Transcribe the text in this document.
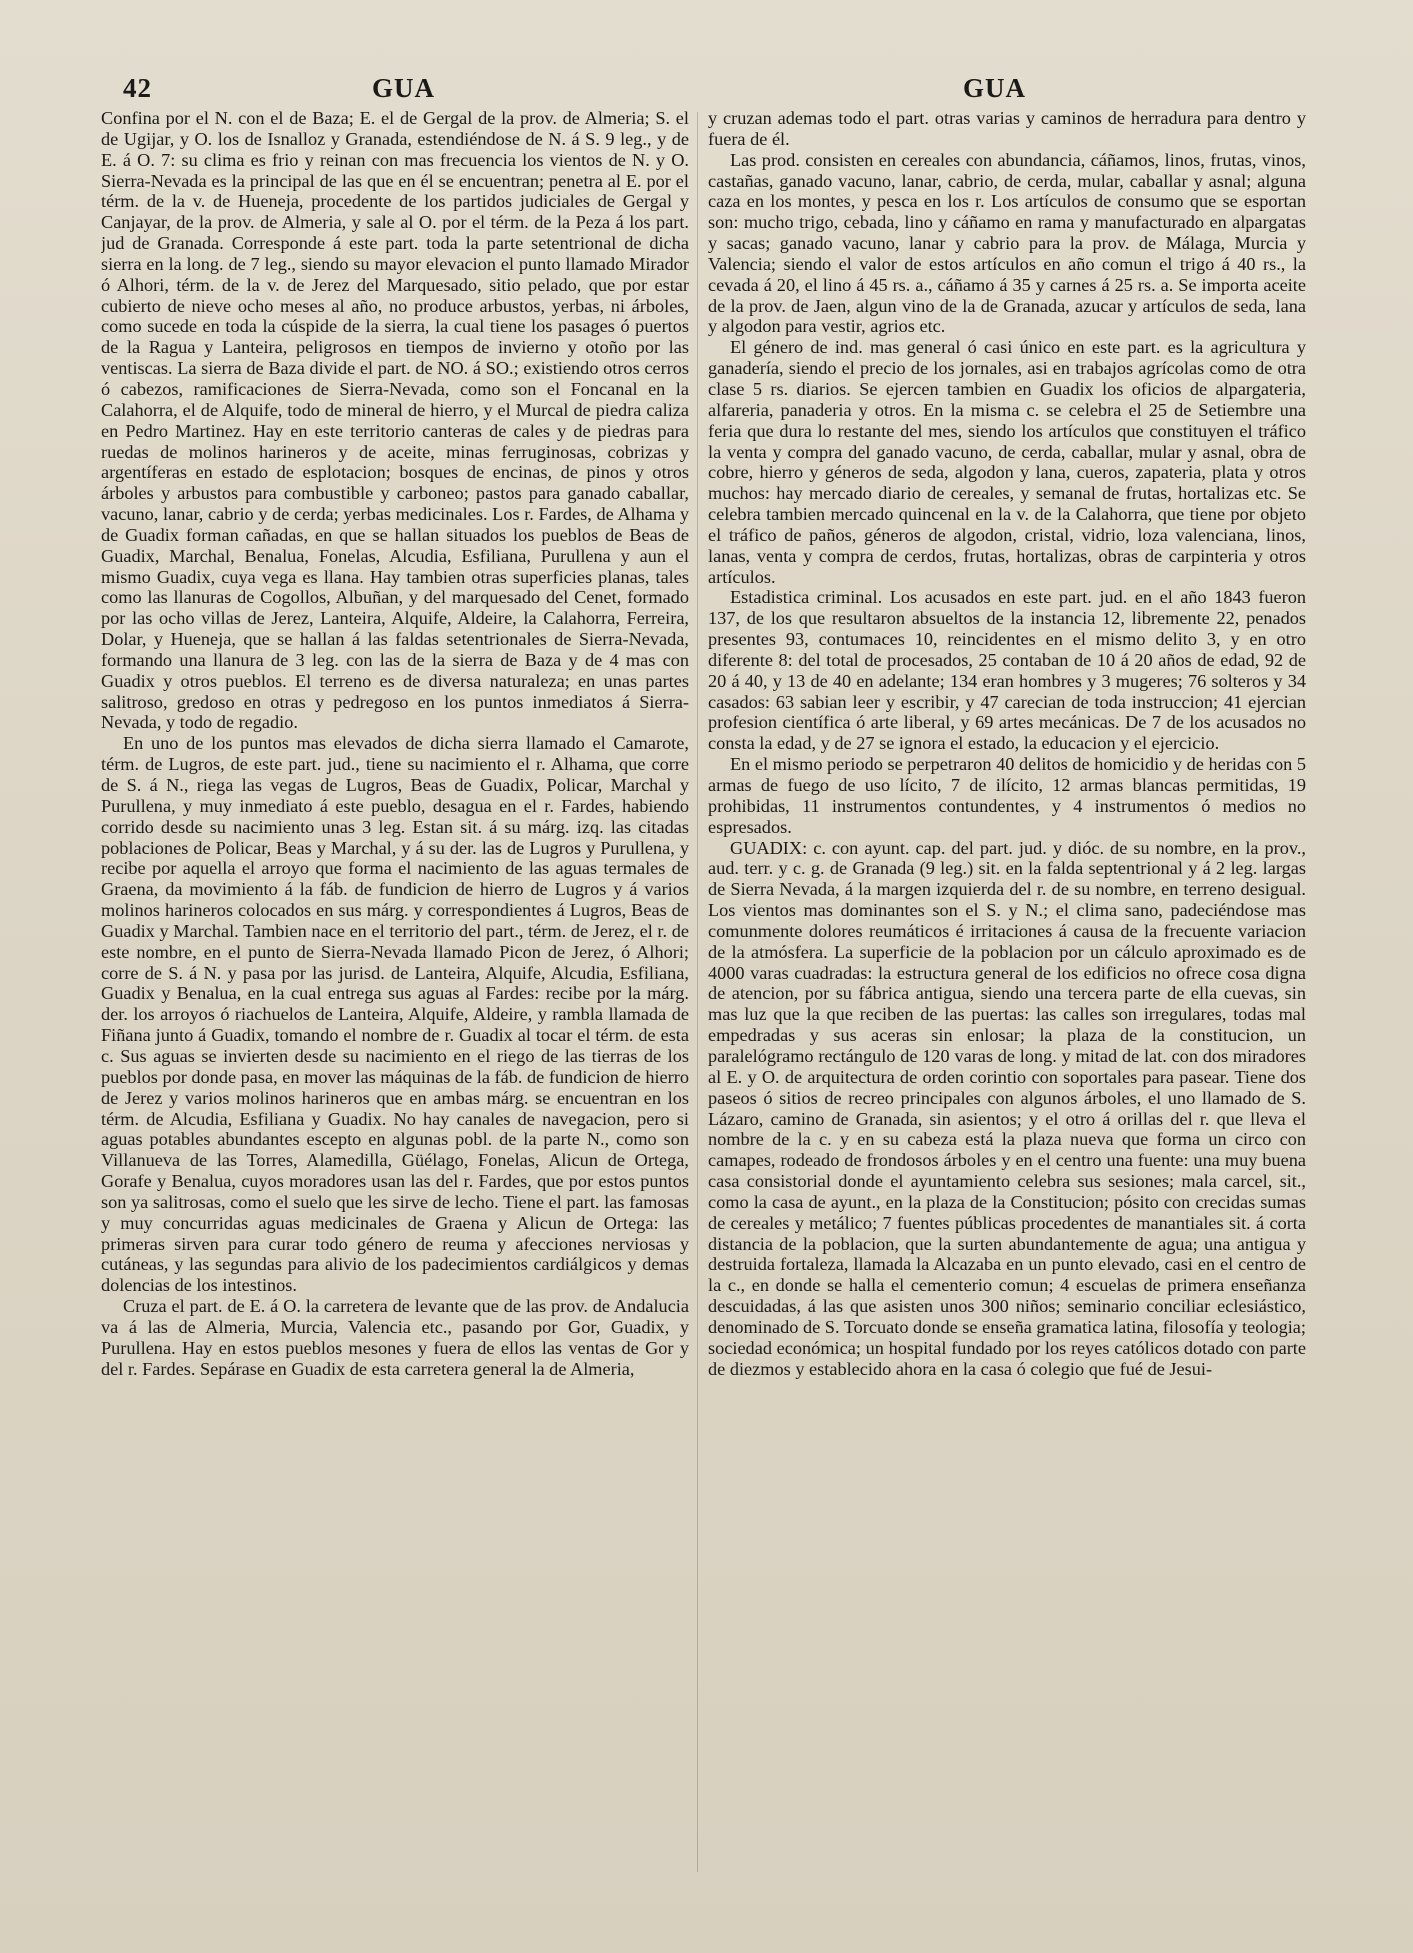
42	GUA	GUA

Confina por el N. con el de Baza; E. el de Gergal de la prov. de Almeria; S. el de Ugijar, y O. los de Isnalloz y Granada, estendiéndose de N. á S. 9 leg., y de E. á O. 7: su clima es frio y reinan con mas frecuencia los vientos de N. y O. Sierra-Nevada es la principal de las que en él se encuentran; penetra al E. por el térm. de la v. de Hueneja, procedente de los partidos judiciales de Gergal y Canjayar, de la prov. de Almeria, y sale al O. por el térm. de la Peza á los part. jud de Granada. Corresponde á este part. toda la parte setentrional de dicha sierra en la long. de 7 leg., siendo su mayor elevacion el punto llamado Mirador ó Alhori, térm. de la v. de Jerez del Marquesado, sitio pelado, que por estar cubierto de nieve ocho meses al año, no produce arbustos, yerbas, ni árboles, como sucede en toda la cúspide de la sierra, la cual tiene los pasages ó puertos de la Ragua y Lanteira, peligrosos en tiempos de invierno y otoño por las ventiscas. La sierra de Baza divide el part. de NO. á SO.; existiendo otros cerros ó cabezos, ramificaciones de Sierra-Nevada, como son el Foncanal en la Calahorra, el de Alquife, todo de mineral de hierro, y el Murcal de piedra caliza en Pedro Martinez. Hay en este territorio canteras de cales y de piedras para ruedas de molinos harineros y de aceite, minas ferruginosas, cobrizas y argentíferas en estado de esplotacion; bosques de encinas, de pinos y otros árboles y arbustos para combustible y carboneo; pastos para ganado caballar, vacuno, lanar, cabrio y de cerda; yerbas medicinales. Los r. Fardes, de Alhama y de Guadix forman cañadas, en que se hallan situados los pueblos de Beas de Guadix, Marchal, Benalua, Fonelas, Alcudia, Esfiliana, Purullena y aun el mismo Guadix, cuya vega es llana. Hay tambien otras superficies planas, tales como las llanuras de Cogollos, Albuñan, y del marquesado del Cenet, formado por las ocho villas de Jerez, Lanteira, Alquife, Aldeire, la Calahorra, Ferreira, Dolar, y Hueneja, que se hallan á las faldas setentrionales de Sierra-Nevada, formando una llanura de 3 leg. con las de la sierra de Baza y de 4 mas con Guadix y otros pueblos. El terreno es de diversa naturaleza; en unas partes salitroso, gredoso en otras y pedregoso en los puntos inmediatos á Sierra-Nevada, y todo de regadio.

En uno de los puntos mas elevados de dicha sierra llamado el Camarote, térm. de Lugros, de este part. jud., tiene su nacimiento el r. Alhama, que corre de S. á N., riega las vegas de Lugros, Beas de Guadix, Policar, Marchal y Purullena, y muy inmediato á este pueblo, desagua en el r. Fardes, habiendo corrido desde su nacimiento unas 3 leg. Estan sit. á su márg. izq. las citadas poblaciones de Policar, Beas y Marchal, y á su der. las de Lugros y Purullena, y recibe por aquella el arroyo que forma el nacimiento de las aguas termales de Graena, da movimiento á la fáb. de fundicion de hierro de Lugros y á varios molinos harineros colocados en sus márg. y correspondientes á Lugros, Beas de Guadix y Marchal. Tambien nace en el territorio del part., térm. de Jerez, el r. de este nombre, en el punto de Sierra-Nevada llamado Picon de Jerez, ó Alhori; corre de S. á N. y pasa por las jurisd. de Lanteira, Alquife, Alcudia, Esfiliana, Guadix y Benalua, en la cual entrega sus aguas al Fardes: recibe por la márg. der. los arroyos ó riachuelos de Lanteira, Alquife, Aldeire, y rambla llamada de Fiñana junto á Guadix, tomando el nombre de r. Guadix al tocar el térm. de esta c. Sus aguas se invierten desde su nacimiento en el riego de las tierras de los pueblos por donde pasa, en mover las máquinas de la fáb. de fundicion de hierro de Jerez y varios molinos harineros que en ambas márg. se encuentran en los térm. de Alcudia, Esfiliana y Guadix. No hay canales de navegacion, pero si aguas potables abundantes escepto en algunas pobl. de la parte N., como son Villanueva de las Torres, Alamedilla, Güélago, Fonelas, Alicun de Ortega, Gorafe y Benalua, cuyos moradores usan las del r. Fardes, que por estos puntos son ya salitrosas, como el suelo que les sirve de lecho. Tiene el part. las famosas y muy concurridas aguas medicinales de Graena y Alicun de Ortega: las primeras sirven para curar todo género de reuma y afecciones nerviosas y cutáneas, y las segundas para alivio de los padecimientos cardiálgicos y demas dolencias de los intestinos.

Cruza el part. de E. á O. la carretera de levante que de las prov. de Andalucia va á las de Almeria, Murcia, Valencia etc., pasando por Gor, Guadix, y Purullena. Hay en estos pueblos mesones y fuera de ellos las ventas de Gor y del r. Fardes. Sepárase en Guadix de esta carretera general la de Almeria,

y cruzan ademas todo el part. otras varias y caminos de herradura para dentro y fuera de él.

Las prod. consisten en cereales con abundancia, cáñamos, linos, frutas, vinos, castañas, ganado vacuno, lanar, cabrio, de cerda, mular, caballar y asnal; alguna caza en los montes, y pesca en los r. Los artículos de consumo que se esportan son: mucho trigo, cebada, lino y cáñamo en rama y manufacturado en alpargatas y sacas; ganado vacuno, lanar y cabrio para la prov. de Málaga, Murcia y Valencia; siendo el valor de estos artículos en año comun el trigo á 40 rs., la cevada á 20, el lino á 45 rs. a., cáñamo á 35 y carnes á 25 rs. a. Se importa aceite de la prov. de Jaen, algun vino de la de Granada, azucar y artículos de seda, lana y algodon para vestir, agrios etc.

El género de ind. mas general ó casi único en este part. es la agricultura y ganadería, siendo el precio de los jornales, asi en trabajos agrícolas como de otra clase 5 rs. diarios. Se ejercen tambien en Guadix los oficios de alpargateria, alfareria, panaderia y otros. En la misma c. se celebra el 25 de Setiembre una feria que dura lo restante del mes, siendo los artículos que constituyen el tráfico la venta y compra del ganado vacuno, de cerda, caballar, mular y asnal, obra de cobre, hierro y géneros de seda, algodon y lana, cueros, zapateria, plata y otros muchos: hay mercado diario de cereales, y semanal de frutas, hortalizas etc. Se celebra tambien mercado quincenal en la v. de la Calahorra, que tiene por objeto el tráfico de paños, géneros de algodon, cristal, vidrio, loza valenciana, linos, lanas, venta y compra de cerdos, frutas, hortalizas, obras de carpinteria y otros artículos.

Estadistica criminal. Los acusados en este part. jud. en el año 1843 fueron 137, de los que resultaron absueltos de la instancia 12, libremente 22, penados presentes 93, contumaces 10, reincidentes en el mismo delito 3, y en otro diferente 8: del total de procesados, 25 contaban de 10 á 20 años de edad, 92 de 20 á 40, y 13 de 40 en adelante; 134 eran hombres y 3 mugeres; 76 solteros y 34 casados: 63 sabian leer y escribir, y 47 carecian de toda instruccion; 41 ejercian profesion científica ó arte liberal, y 69 artes mecánicas. De 7 de los acusados no consta la edad, y de 27 se ignora el estado, la educacion y el ejercicio.

En el mismo periodo se perpetraron 40 delitos de homicidio y de heridas con 5 armas de fuego de uso lícito, 7 de ilícito, 12 armas blancas permitidas, 19 prohibidas, 11 instrumentos contundentes, y 4 instrumentos ó medios no espresados.

GUADIX: c. con ayunt. cap. del part. jud. y dióc. de su nombre, en la prov., aud. terr. y c. g. de Granada (9 leg.) sit. en la falda septentrional y á 2 leg. largas de Sierra Nevada, á la margen izquierda del r. de su nombre, en terreno desigual. Los vientos mas dominantes son el S. y N.; el clima sano, padeciéndose mas comunmente dolores reumáticos é irritaciones á causa de la frecuente variacion de la atmósfera. La superficie de la poblacion por un cálculo aproximado es de 4000 varas cuadradas: la estructura general de los edificios no ofrece cosa digna de atencion, por su fábrica antigua, siendo una tercera parte de ella cuevas, sin mas luz que la que reciben de las puertas: las calles son irregulares, todas mal empedradas y sus aceras sin enlosar; la plaza de la constitucion, un paralelógramo rectángulo de 120 varas de long. y mitad de lat. con dos miradores al E. y O. de arquitectura de orden corintio con soportales para pasear. Tiene dos paseos ó sitios de recreo principales con algunos árboles, el uno llamado de S. Lázaro, camino de Granada, sin asientos; y el otro á orillas del r. que lleva el nombre de la c. y en su cabeza está la plaza nueva que forma un circo con camapes, rodeado de frondosos árboles y en el centro una fuente: una muy buena casa consistorial donde el ayuntamiento celebra sus sesiones; mala carcel, sit., como la casa de ayunt., en la plaza de la Constitucion; pósito con crecidas sumas de cereales y metálico; 7 fuentes públicas procedentes de manantiales sit. á corta distancia de la poblacion, que la surten abundantemente de agua; una antigua y destruida fortaleza, llamada la Alcazaba en un punto elevado, casi en el centro de la c., en donde se halla el cementerio comun; 4 escuelas de primera enseñanza descuidadas, á las que asisten unos 300 niños; seminario conciliar eclesiástico, denominado de S. Torcuato donde se enseña gramatica latina, filosofía y teologia; sociedad económica; un hospital fundado por los reyes católicos dotado con parte de diezmos y establecido ahora en la casa ó colegio que fué de Jesui-
